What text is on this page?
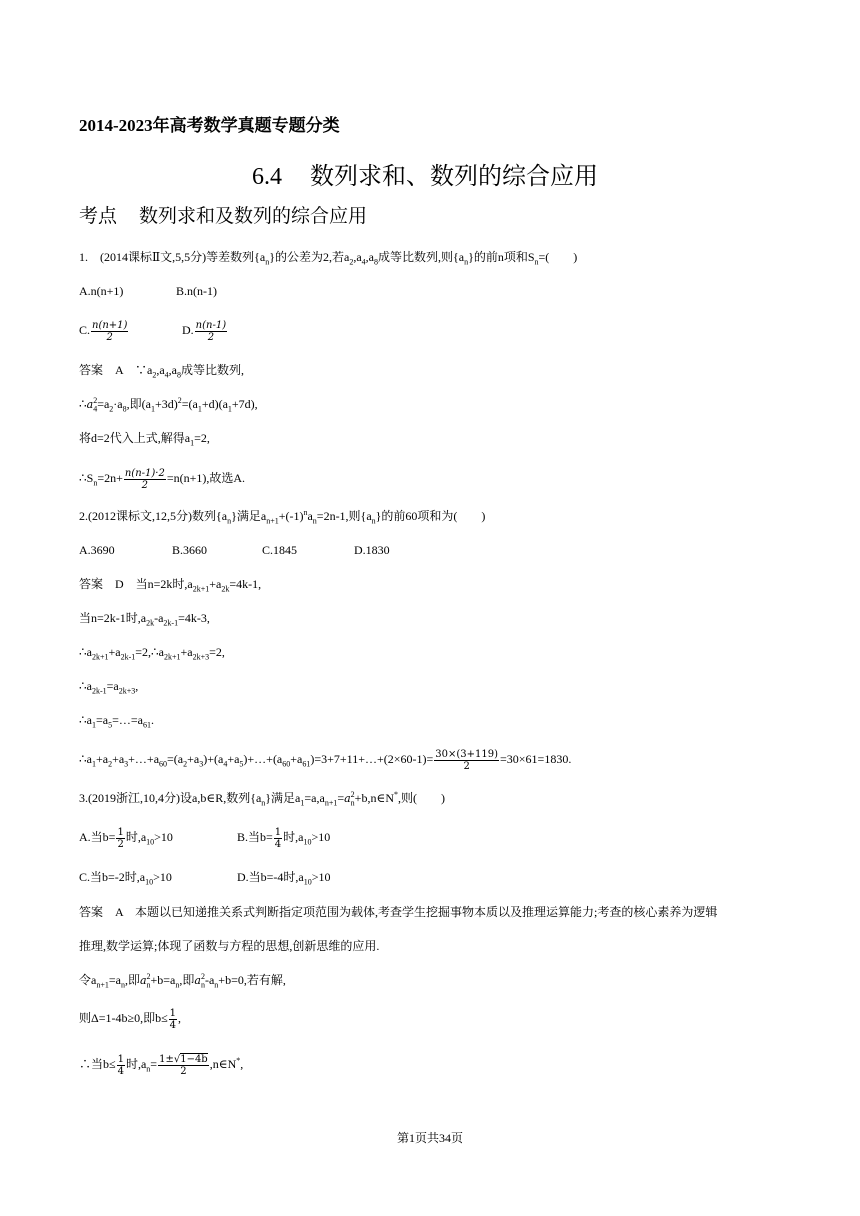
2014-2023年高考数学真题专题分类
6.4 数列求和、数列的综合应用
考点 数列求和及数列的综合应用
1. (2014课标Ⅱ文,5,5分)等差数列$\{a_n\}$的公差为2,若$a_2,a_4,a_8$成等比数列,则$\{a_n\}$的前n项和$S_n=$(　　)
A.n(n+1)	B.n(n-1)
C. $\frac{n(n+1)}{2}$	D. $\frac{n(n-1)}{2}$
答案　A　$\because a_2,a_4,a_8$成等比数列,
$\therefore a_4^2=a_2\cdot a_8$,即$(a_1+3d)^2=(a_1+d)(a_1+7d)$,
将d=2代入上式,解得$a_1=2$,
$\therefore S_n=2n+ \frac{n(n-1)\cdot 2}{2} =n(n+1)$,故选A.
2.(2012课标文,12,5分)数列$\{a_n\}$满足$a_{n+1}+(-1)^na_n=2n-1$,则$\{a_n\}$的前60项和为(　　)
A.3690	B.3660	C.1845	D.1830
答案　D　当n=2k时$,a_{2k+1}+a_{2k}=4k-1$,
当n=2k-1时$,a_{2k}-a_{2k-1}=4k-3$,
$\therefore a_{2k+1}+a_{2k-1}=2,\therefore a_{2k+1}+a_{2k+3}=2$,
$\therefore a_{2k-1}=a_{2k+3}$,
$\therefore a_1=a_5=\dots=a_{61}$.
$\therefore a_1+a_2+a_3+\dots+a_{60}=(a_2+a_3)+(a_4+a_5)+\dots+(a_{60}+a_{61})=3+7+11+\dots+(2\times 60-1)= \frac{30\times(3+119)}{2} =30\times 61=1830$.
3.(2019浙江,10,4分)设a,b∈R,数列$\{a_n\}$满足$a_1=a,a_{n+1}=a_n^2+b,n\in N^*$,则(　　)
A.当$b= \frac{1}{2}$ 时$,a_{10}>10$	B.当$b= \frac{1}{4}$ 时$,a_{10}>10$
C.当b=-2时$,a_{10}>10$	D.当b=-4时$,a_{10}>10$
答案　A　本题以已知递推关系式判断指定项范围为载体,考查学生挖掘事物本质以及推理运算能力;考查的核心素养为逻辑
推理,数学运算;体现了函数与方程的思想,创新思维的应用.
令$a_{n+1}=a_n$,即$a_n^2+b=a_n$,即$a_n^2-a_n+b=0$,若有解,
则Δ=1-4b≥0,即$b\le \frac{1}{4}$ ,
∴当$b\le \frac{1}{4}$ 时$,a_n= \frac{1\pm√1-4b}{2}$ ,n∈N*,
第1页共34页
